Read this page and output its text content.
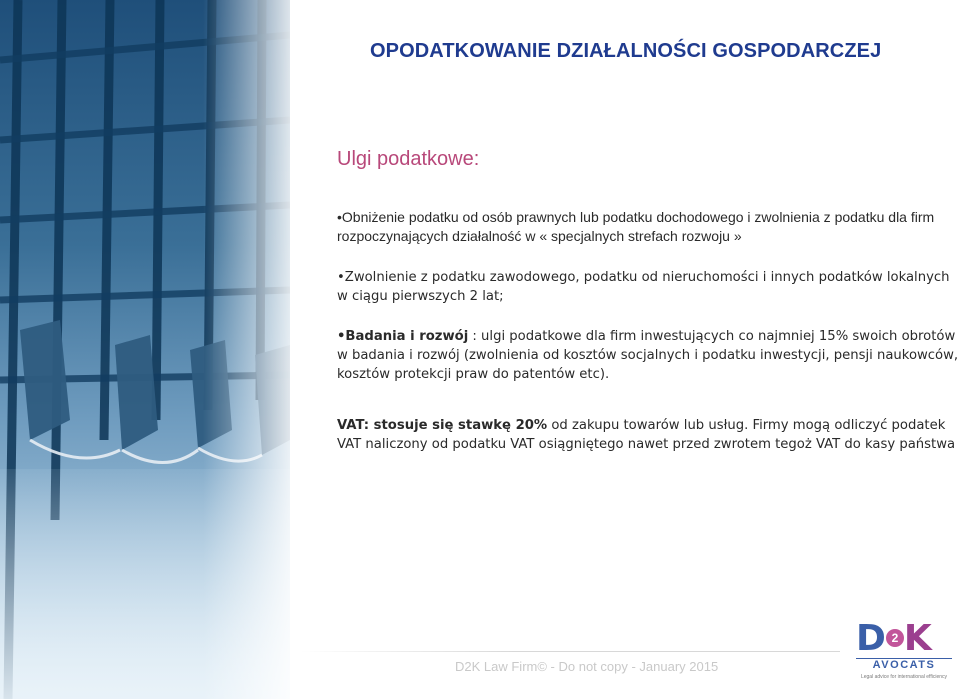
OPODATKOWANIE DZIAŁALNOŚCI GOSPODARCZEJ
Ulgi podatkowe:

•Obniżenie podatku od osób prawnych lub podatku dochodowego i zwolnienia z podatku dla firm rozpoczynających działalność w « specjalnych strefach rozwoju »

•Zwolnienie z podatku zawodowego, podatku od nieruchomości i innych podatków lokalnych w ciągu pierwszych 2 lat;

•Badania i rozwój : ulgi podatkowe dla firm inwestujących co najmniej 15% swoich obrotów w badania i rozwój (zwolnienia od kosztów socjalnych i podatku inwestycji, pensji naukowców, kosztów protekcji praw do patentów etc).

VAT: stosuje się stawkę 20% od zakupu towarów lub usług. Firmy mogą odliczyć podatek VAT naliczony od podatku VAT osiągniętego nawet przed zwrotem tegoż VAT do kasy państwa

D2K Law Firm© - Do not copy - January 2015
D K
2
AVOCATS
Legal advice for international efficiency
